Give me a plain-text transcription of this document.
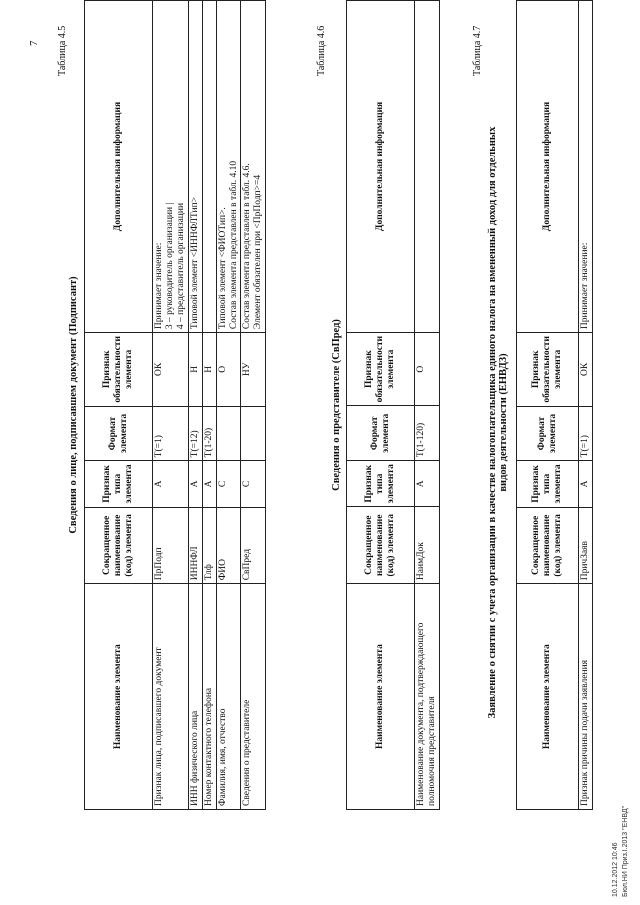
7 Таблица 4.5
Сведения о лице, подписавшем документ (Подписант)
Наименование элемента	Сокращенное наименование (код) элемента	Признак типа элемента	Формат элемента	Признак обязательности элемента	Дополнительная информация
Признак лица, подписавшего документ	ПрПодп	А	Т(=1)	ОК	Принимает значение: 3 – руководитель организации | 4 – представитель организации

ИНН физического лица	ИННФЛ	А	Т(=12)	Н	Типовой элемент <ИННФЛТип>
Номер контактного телефона	Тлф	А	Т(1-20)	Н	
Фамилия, имя, отчество	ФИО	С		О	Типовой элемент <ФИОТип>. Состав элемента представлен в табл. 4.10

Сведения о представителе	СвПред	С		НУ	Состав элемента представлен в табл. 4.6. Элемент обязателен при <ПрПодп>=4
Таблица 4.6
Сведения о представителе (СвПред)
Наименование элемента	Сокращенное наименование (код) элемента	Признак типа элемента	Формат элемента	Признак обязательности элемента	Дополнительная информация
Наименование документа, подтверждающего полномочия представителя	НаимДок	А	Т(1-120)	О	
Таблица 4.7
Заявление о снятии с учета организации в качестве налогоплательщика единого налога на вмененный доход для отдельных видов деятельности (ЕНВД3)
Наименование элемента	Сокращенное наименование (код) элемента	Признак типа элемента	Формат элемента	Признак обязательности элемента	Дополнительная информация
Признак причины подачи заявления	ПричЗаяв	А	Т(=1)	ОК	Принимает значение:
10.12.2012 10:46 Бюл.НИ Приз.I.2013 "ЕНВД"
